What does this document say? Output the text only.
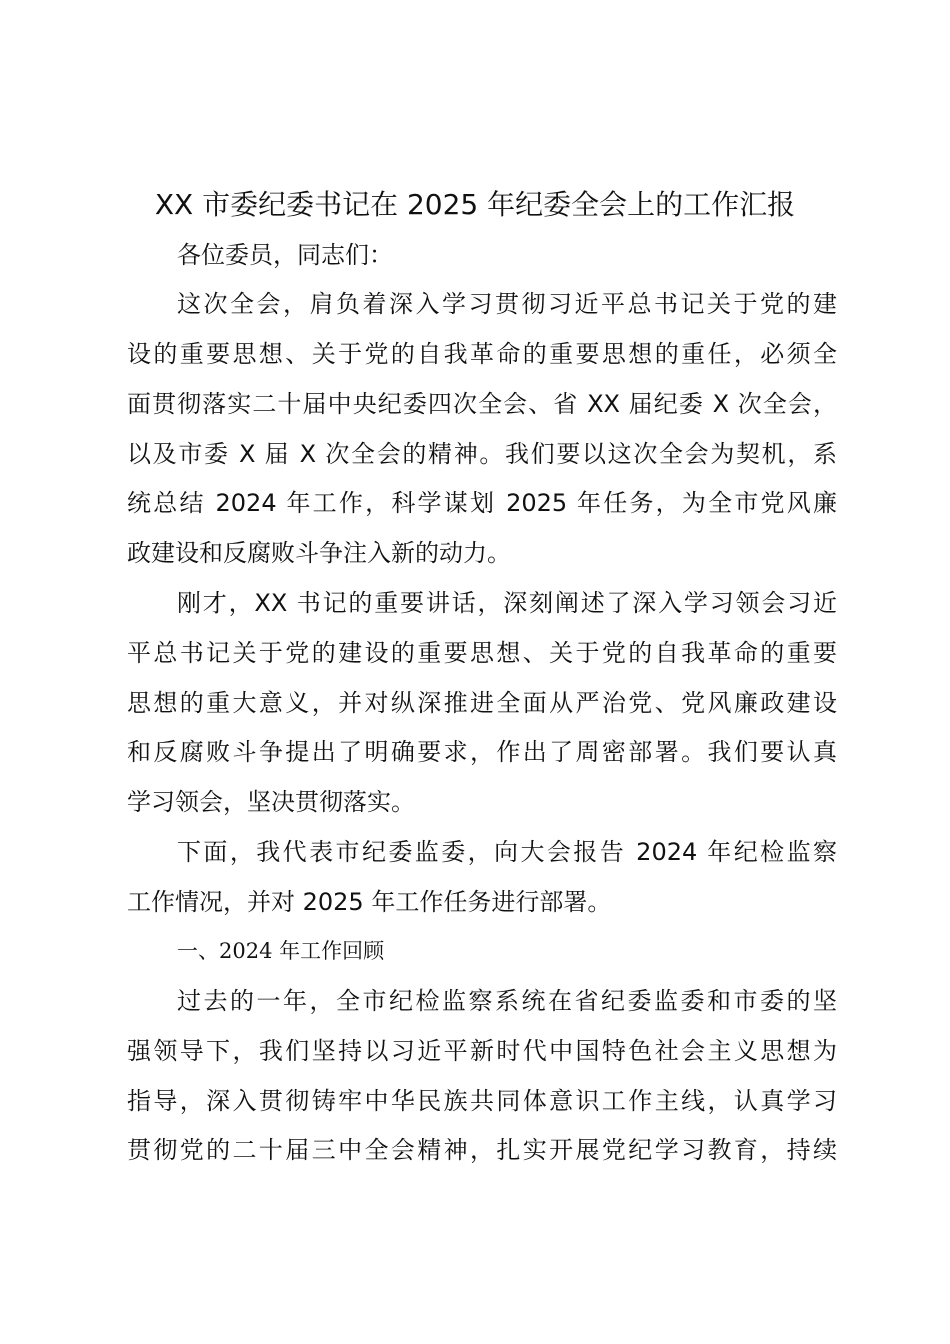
XX 市委纪委书记在 2025 年纪委全会上的工作汇报
各位委员，同志们：
这次全会，肩负着深入学习贯彻习近平总书记关于党的建
设的重要思想、关于党的自我革命的重要思想的重任，必须全
面贯彻落实二十届中央纪委四次全会、省 XX 届纪委 X 次全会，
以及市委 X 届 X 次全会的精神。我们要以这次全会为契机，系
统总结 2024 年工作，科学谋划 2025 年任务，为全市党风廉
政建设和反腐败斗争注入新的动力。
刚才，XX 书记的重要讲话，深刻阐述了深入学习领会习近
平总书记关于党的建设的重要思想、关于党的自我革命的重要
思想的重大意义，并对纵深推进全面从严治党、党风廉政建设
和反腐败斗争提出了明确要求，作出了周密部署。我们要认真
学习领会，坚决贯彻落实。
下面，我代表市纪委监委，向大会报告 2024 年纪检监察
工作情况，并对 2025 年工作任务进行部署。
一、2024 年工作回顾
过去的一年，全市纪检监察系统在省纪委监委和市委的坚
强领导下，我们坚持以习近平新时代中国特色社会主义思想为
指导，深入贯彻铸牢中华民族共同体意识工作主线，认真学习
贯彻党的二十届三中全会精神，扎实开展党纪学习教育，持续
